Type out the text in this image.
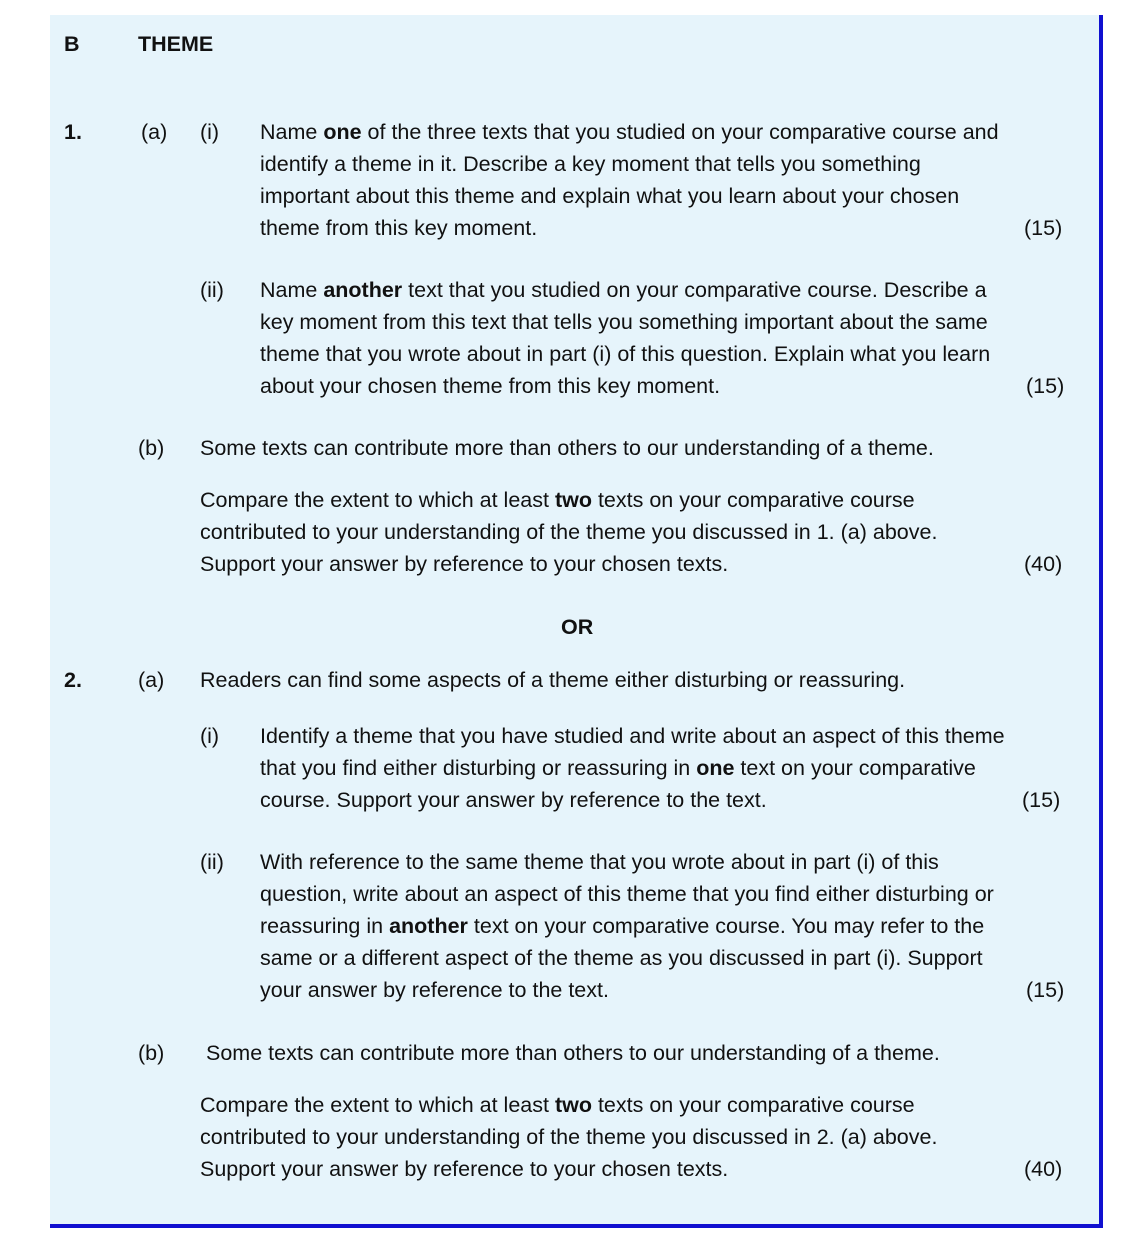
B	THEME
1.	(a) (i) Name one of the three texts that you studied on your comparative course and
identify a theme in it. Describe a key moment that tells you something
important about this theme and explain what you learn about your chosen
theme from this key moment.	(15)
(ii) Name another text that you studied on your comparative course. Describe a
key moment from this text that tells you something important about the same
theme that you wrote about in part (i) of this question. Explain what you learn
about your chosen theme from this key moment.	(15)
(b) Some texts can contribute more than others to our understanding of a theme.
Compare the extent to which at least two texts on your comparative course
contributed to your understanding of the theme you discussed in 1. (a) above.
Support your answer by reference to your chosen texts.	(40)
OR
2.	(a) Readers can find some aspects of a theme either disturbing or reassuring.
(i) Identify a theme that you have studied and write about an aspect of this theme
that you find either disturbing or reassuring in one text on your comparative
course. Support your answer by reference to the text.	(15)
(ii) With reference to the same theme that you wrote about in part (i) of this
question, write about an aspect of this theme that you find either disturbing or
reassuring in another text on your comparative course. You may refer to the
same or a different aspect of the theme as you discussed in part (i). Support
your answer by reference to the text.	(15)
(b) Some texts can contribute more than others to our understanding of a theme.
Compare the extent to which at least two texts on your comparative course
contributed to your understanding of the theme you discussed in 2. (a) above.
Support your answer by reference to your chosen texts.	(40)
